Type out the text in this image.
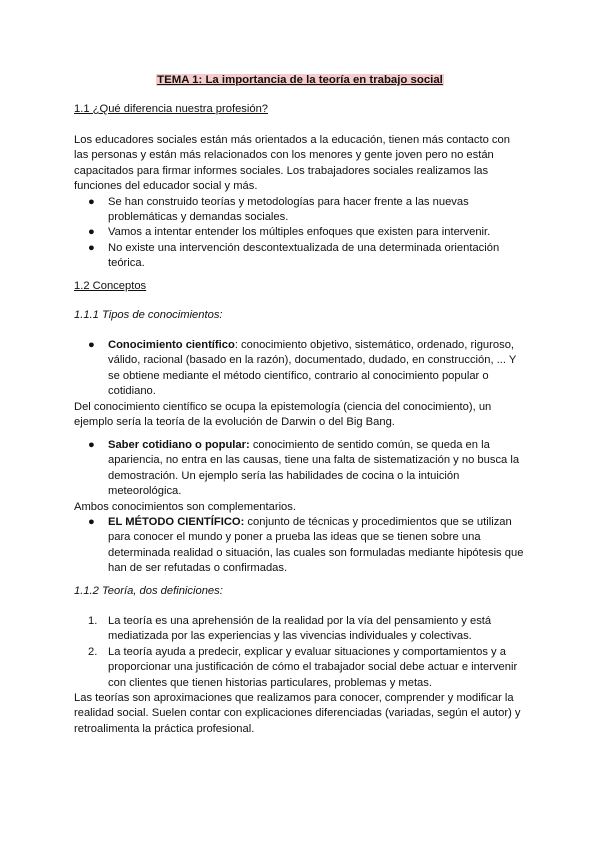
TEMA 1: La importancia de la teoría en trabajo social
1.1 ¿Qué diferencia nuestra profesión?

Los educadores sociales están más orientados a la educación, tienen más contacto con las personas y están más relacionados con los menores y gente joven pero no están capacitados para firmar informes sociales. Los trabajadores sociales realizamos las funciones del educador social y más.

● Se han construido teorías y metodologías para hacer frente a las nuevas problemáticas y demandas sociales.
● Vamos a intentar entender los múltiples enfoques que existen para intervenir.
● No existe una intervención descontextualizada de una determinada orientación teórica.
1.2 Conceptos
1.1.1 Tipos de conocimientos:
● Conocimiento científico: conocimiento objetivo, sistemático, ordenado, riguroso, válido, racional (basado en la razón), documentado, dudado, en construcción, ... Y se obtiene mediante el método científico, contrario al conocimiento popular o cotidiano.

Del conocimiento científico se ocupa la epistemología (ciencia del conocimiento), un ejemplo sería la teoría de la evolución de Darwin o del Big Bang.

● Saber cotidiano o popular: conocimiento de sentido común, se queda en la apariencia, no entra en las causas, tiene una falta de sistematización y no busca la demostración. Un ejemplo sería las habilidades de cocina o la intuición meteorológica.

Ambos conocimientos son complementarios.

● EL MÉTODO CIENTÍFICO: conjunto de técnicas y procedimientos que se utilizan para conocer el mundo y poner a prueba las ideas que se tienen sobre una determinada realidad o situación, las cuales son formuladas mediante hipótesis que han de ser refutadas o confirmadas.
1.1.2 Teoría, dos definiciones:
1. La teoría es una aprehensión de la realidad por la vía del pensamiento y está mediatizada por las experiencias y las vivencias individuales y colectivas.
2. La teoría ayuda a predecir, explicar y evaluar situaciones y comportamientos y a proporcionar una justificación de cómo el trabajador social debe actuar e intervenir con clientes que tienen historias particulares, problemas y metas.

Las teorías son aproximaciones que realizamos para conocer, comprender y modificar la realidad social. Suelen contar con explicaciones diferenciadas (variadas, según el autor) y retroalimenta la práctica profesional.
